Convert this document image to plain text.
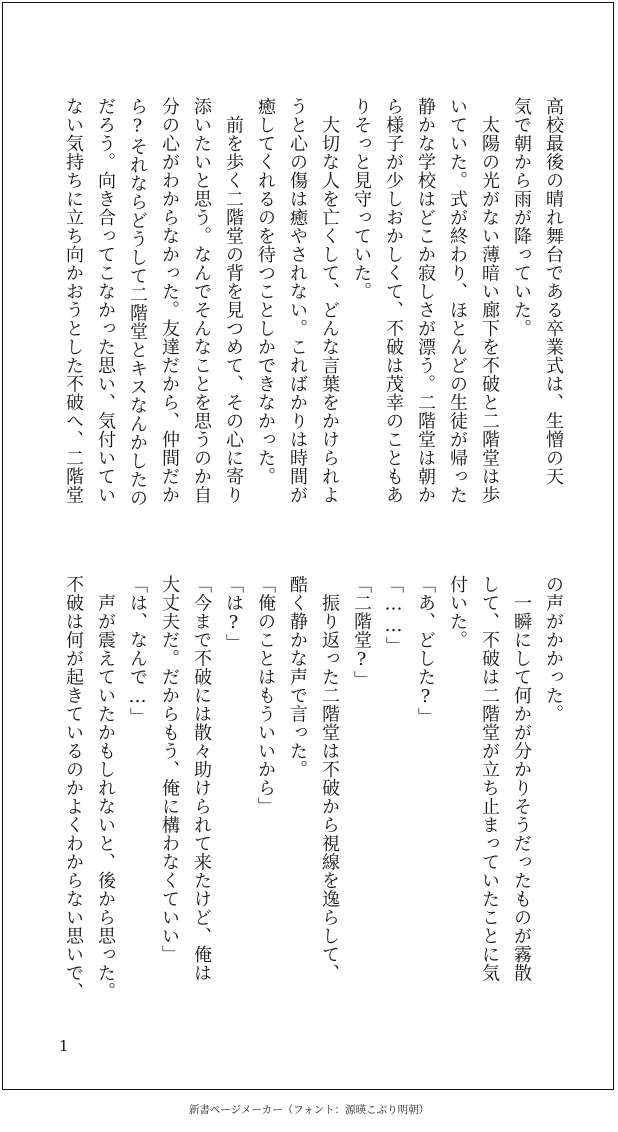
高校最後の晴れ舞台である卒業式は、生憎の天

気で朝から雨が降っていた。

　太陽の光がない薄暗い廊下を不破と二階堂は歩

いていた。式が終わり、ほとんどの生徒が帰った

静かな学校はどこか寂しさが漂う。二階堂は朝か

ら様子が少しおかしくて、不破は茂幸のこともあ

りそっと見守っていた。

　大切な人を亡くして、どんな言葉をかけられよ

うと心の傷は癒やされない。こればかりは時間が

癒してくれるのを待つことしかできなかった。

　前を歩く二階堂の背を見つめて、その心に寄り

添いたいと思う。なんでそんなことを思うのか自

分の心がわからなかった。友達だから、仲間だか

ら?それならどうして二階堂とキスなんかしたの

だろう。向き合ってこなかった思い、気付いてい

ない気持ちに立ち向かおうとした不破へ、二階堂

の声がかかった。

　一瞬にして何かが分かりそうだったものが霧散

して、不破は二階堂が立ち止まっていたことに気

付いた。

「あ、どした?」

「……」

「二階堂?」

　振り返った二階堂は不破から視線を逸らして、

酷く静かな声で言った。

「俺のことはもういいから」

「は?」

「今まで不破には散々助けられて来たけど、俺は

大丈夫だ。だからもう、俺に構わなくていい」

「は、なんで…」

　声が震えていたかもしれないと、後から思った。

不破は何が起きているのかよくわからない思いで、

1
新書ページメーカー（フォント：源暎こぶり明朝）
